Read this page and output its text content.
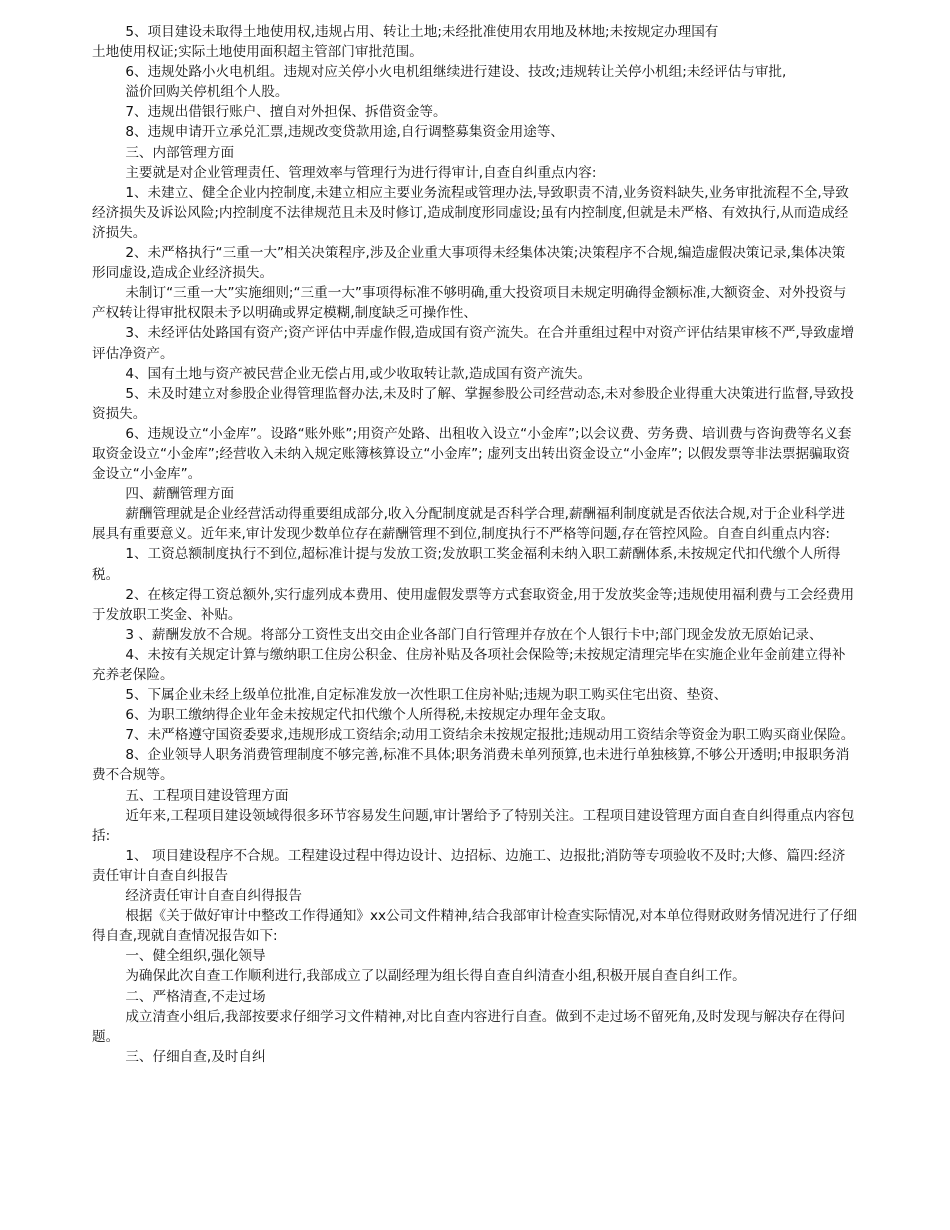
5、项目建设未取得土地使用权,违规占用、转让土地;未经批准使用农用地及林地;未按规定办理国有

土地使用权证;实际土地使用面积超主管部门审批范围。

6、违规处路小火电机组。违规对应关停小火电机组继续进行建设、技改;违规转让关停小机组;未经评估与审批,

溢价回购关停机组个人股。

7、违规出借银行账户、擅自对外担保、拆借资金等。

8、违规申请开立承兑汇票,违规改变贷款用途,自行调整募集资金用途等、

三、内部管理方面

主要就是对企业管理责任、管理效率与管理行为进行得审计,自查自纠重点内容:

1、未建立、健全企业内控制度,未建立相应主要业务流程或管理办法,导致职责不清,业务资料缺失,业务审批流程不全,导致经济损失及诉讼风险;内控制度不法律规范且未及时修订,造成制度形同虚设;虽有内控制度,但就是未严格、有效执行,从而造成经济损失。

2、未严格执行“三重一大”相关决策程序,涉及企业重大事项得未经集体决策;决策程序不合规,编造虚假决策记录,集体决策形同虚设,造成企业经济损失。

未制订“三重一大”实施细则;“三重一大”事项得标准不够明确,重大投资项目未规定明确得金额标准,大额资金、对外投资与产权转让得审批权限未予以明确或界定模糊,制度缺乏可操作性、

3、未经评估处路国有资产;资产评估中弄虚作假,造成国有资产流失。在合并重组过程中对资产评估结果审核不严,导致虚增评估净资产。

4、国有土地与资产被民营企业无偿占用,或少收取转让款,造成国有资产流失。

5、未及时建立对参股企业得管理监督办法,未及时了解、掌握参股公司经营动态,未对参股企业得重大决策进行监督,导致投资损失。

6、违规设立“小金库”。设路“账外账”;用资产处路、出租收入设立“小金库”;以会议费、劳务费、培训费与咨询费等名义套取资金设立“小金库”;经营收入未纳入规定账簿核算设立“小金库”; 虚列支出转出资金设立“小金库”; 以假发票等非法票据骗取资金设立“小金库”。

四、薪酬管理方面

薪酬管理就是企业经营活动得重要组成部分,收入分配制度就是否科学合理,薪酬福利制度就是否依法合规,对于企业科学进展具有重要意义。近年来,审计发现少数单位存在薪酬管理不到位,制度执行不严格等问题,存在管控风险。自查自纠重点内容:

1、工资总额制度执行不到位,超标准计提与发放工资;发放职工奖金福利未纳入职工薪酬体系,未按规定代扣代缴个人所得税。

2、在核定得工资总额外,实行虚列成本费用、使用虚假发票等方式套取资金,用于发放奖金等;违规使用福利费与工会经费用于发放职工奖金、补贴。

3 、薪酬发放不合规。将部分工资性支出交由企业各部门自行管理并存放在个人银行卡中;部门现金发放无原始记录、

4、未按有关规定计算与缴纳职工住房公积金、住房补贴及各项社会保险等;未按规定清理完毕在实施企业年金前建立得补充养老保险。

5、下属企业未经上级单位批准,自定标准发放一次性职工住房补贴;违规为职工购买住宅出资、垫资、

6、为职工缴纳得企业年金未按规定代扣代缴个人所得税,未按规定办理年金支取。

7、未严格遵守国资委要求,违规形成工资结余;动用工资结余未按规定报批;违规动用工资结余等资金为职工购买商业保险。

8、企业领导人职务消费管理制度不够完善,标准不具体;职务消费未单列预算,也未进行单独核算,不够公开透明;申报职务消费不合规等。

五、工程项目建设管理方面

近年来,工程项目建设领域得很多环节容易发生问题,审计署给予了特别关注。工程项目建设管理方面自查自纠得重点内容包括:

1、 项目建设程序不合规。工程建设过程中得边设计、边招标、边施工、边报批;消防等专项验收不及时;大修、篇四:经济责任审计自查自纠报告

经济责任审计自查自纠得报告

根据《关于做好审计中整改工作得通知》xx公司文件精神,结合我部审计检查实际情况,对本单位得财政财务情况进行了仔细得自查,现就自查情况报告如下:

一、健全组织,强化领导

为确保此次自查工作顺利进行,我部成立了以副经理为组长得自查自纠清查小组,积极开展自查自纠工作。

二、严格清查,不走过场

成立清查小组后,我部按要求仔细学习文件精神,对比自查内容进行自查。做到不走过场不留死角,及时发现与解决存在得问题。

三、仔细自查,及时自纠
